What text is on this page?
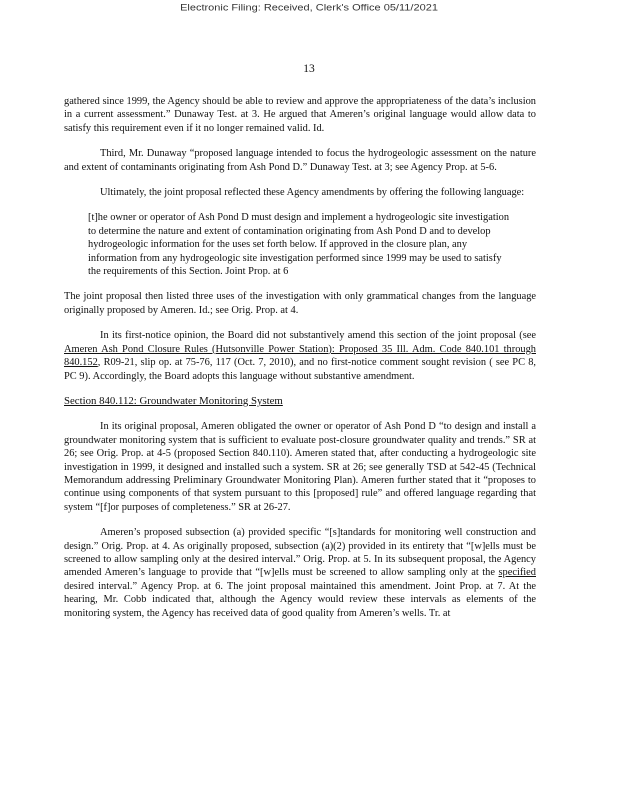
Electronic Filing: Received, Clerk's Office 05/11/2021
13

gathered since 1999, the Agency should be able to review and approve the appropriateness of the data’s inclusion in a current assessment.” Dunaway Test. at 3. He argued that Ameren’s original language would allow data to satisfy this requirement even if it no longer remained valid. Id.

Third, Mr. Dunaway “proposed language intended to focus the hydrogeologic assessment on the nature and extent of contaminants originating from Ash Pond D.” Dunaway Test. at 3; see Agency Prop. at 5-6.

Ultimately, the joint proposal reflected these Agency amendments by offering the following language:

[t]he owner or operator of Ash Pond D must design and implement a hydrogeologic site investigation to determine the nature and extent of contamination originating from Ash Pond D and to develop hydrogeologic information for the uses set forth below. If approved in the closure plan, any information from any hydrogeologic site investigation performed since 1999 may be used to satisfy the requirements of this Section. Joint Prop. at 6

The joint proposal then listed three uses of the investigation with only grammatical changes from the language originally proposed by Ameren. Id.; see Orig. Prop. at 4.

In its first-notice opinion, the Board did not substantively amend this section of the joint proposal (see Ameren Ash Pond Closure Rules (Hutsonville Power Station): Proposed 35 Ill. Adm. Code 840.101 through 840.152, R09-21, slip op. at 75-76, 117 (Oct. 7, 2010), and no first-notice comment sought revision ( see PC 8, PC 9). Accordingly, the Board adopts this language without substantive amendment.

Section 840.112: Groundwater Monitoring System

In its original proposal, Ameren obligated the owner or operator of Ash Pond D “to design and install a groundwater monitoring system that is sufficient to evaluate post-closure groundwater quality and trends.” SR at 26; see Orig. Prop. at 4-5 (proposed Section 840.110). Ameren stated that, after conducting a hydrogeologic site investigation in 1999, it designed and installed such a system. SR at 26; see generally TSD at 542-45 (Technical Memorandum addressing Preliminary Groundwater Monitoring Plan). Ameren further stated that it “proposes to continue using components of that system pursuant to this [proposed] rule” and offered language regarding that system “[f]or purposes of completeness.” SR at 26-27.

Ameren’s proposed subsection (a) provided specific “[s]tandards for monitoring well construction and design.” Orig. Prop. at 4. As originally proposed, subsection (a)(2) provided in its entirety that “[w]ells must be screened to allow sampling only at the desired interval.” Orig. Prop. at 5. In its subsequent proposal, the Agency amended Ameren’s language to provide that “[w]ells must be screened to allow sampling only at the specified desired interval.” Agency Prop. at 6. The joint proposal maintained this amendment. Joint Prop. at 7. At the hearing, Mr. Cobb indicated that, although the Agency would review these intervals as elements of the monitoring system, the Agency has received data of good quality from Ameren’s wells. Tr. at
